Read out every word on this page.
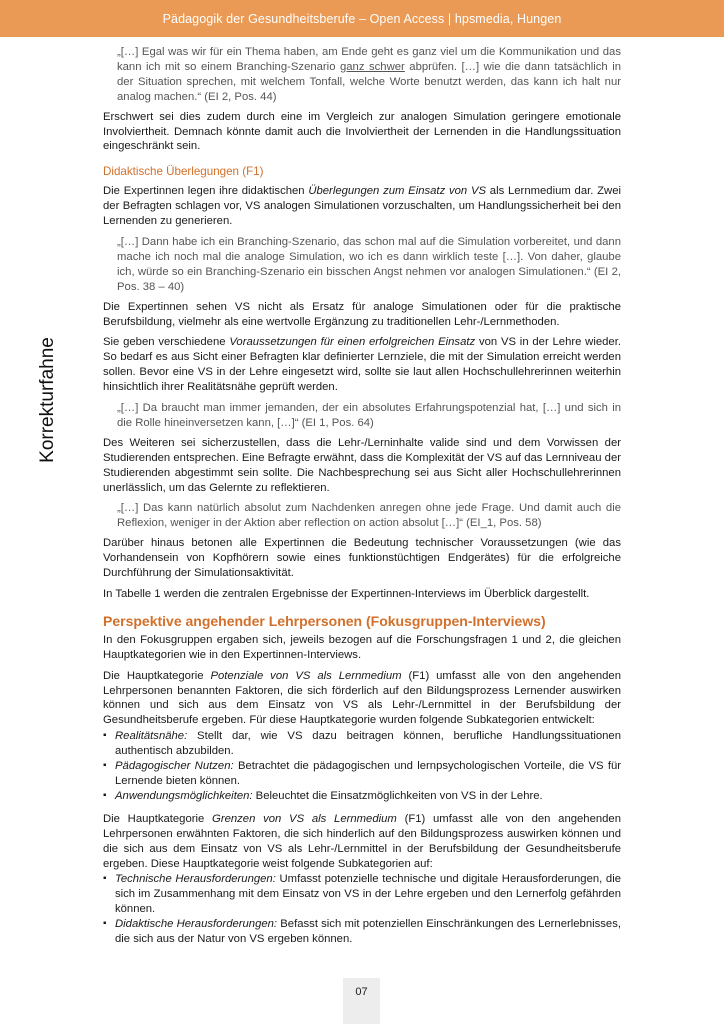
Pädagogik der Gesundheitsberufe – Open Access | hpsmedia, Hungen
Korrekturfahne

„[…] Egal was wir für ein Thema haben, am Ende geht es ganz viel um die Kommunikation und das kann ich mit so einem Branching-Szenario ganz schwer abprüfen. […] wie die dann tatsächlich in der Situation sprechen, mit welchem Tonfall, welche Worte benutzt werden, das kann ich halt nur analog machen.“ (EI 2, Pos. 44)

Erschwert sei dies zudem durch eine im Vergleich zur analogen Simulation geringere emotionale Involviertheit. Demnach könnte damit auch die Involviertheit der Lernenden in die Handlungssituation eingeschränkt sein.

Didaktische Überlegungen (F1)

Die Expertinnen legen ihre didaktischen Überlegungen zum Einsatz von VS als Lernmedium dar. Zwei der Befragten schlagen vor, VS analogen Simulationen vorzuschalten, um Handlungssicherheit bei den Lernenden zu generieren.

„[…] Dann habe ich ein Branching-Szenario, das schon mal auf die Simulation vorbereitet, und dann mache ich noch mal die analoge Simulation, wo ich es dann wirklich teste […]. Von daher, glaube ich, würde so ein Branching-Szenario ein bisschen Angst nehmen vor analogen Simulationen.“ (EI 2, Pos. 38 – 40)

Die Expertinnen sehen VS nicht als Ersatz für analoge Simulationen oder für die praktische Berufsbildung, vielmehr als eine wertvolle Ergänzung zu traditionellen Lehr-/Lernmethoden.

Sie geben verschiedene Voraussetzungen für einen erfolgreichen Einsatz von VS in der Lehre wieder. So bedarf es aus Sicht einer Befragten klar definierter Lernziele, die mit der Simulation erreicht werden sollen. Bevor eine VS in der Lehre eingesetzt wird, sollte sie laut allen Hochschullehrerinnen weiterhin hinsichtlich ihrer Realitätsnähe geprüft werden.

„[…] Da braucht man immer jemanden, der ein absolutes Erfahrungspotenzial hat, […] und sich in die Rolle hineinversetzen kann, […]“ (EI 1, Pos. 64)

Des Weiteren sei sicherzustellen, dass die Lehr-/Lerninhalte valide sind und dem Vorwissen der Studierenden entsprechen. Eine Befragte erwähnt, dass die Komplexität der VS auf das Lernniveau der Studierenden abgestimmt sein sollte. Die Nachbesprechung sei aus Sicht aller Hochschullehrerinnen unerlässlich, um das Gelernte zu reflektieren.

„[…] Das kann natürlich absolut zum Nachdenken anregen ohne jede Frage. Und damit auch die Reflexion, weniger in der Aktion aber reflection on action absolut […]“ (EI_1, Pos. 58)

Darüber hinaus betonen alle Expertinnen die Bedeutung technischer Voraussetzungen (wie das Vorhandensein von Kopfhörern sowie eines funktionstüchtigen Endgerätes) für die erfolgreiche Durchführung der Simulationsaktivität.

In Tabelle 1 werden die zentralen Ergebnisse der Expertinnen-Interviews im Überblick dargestellt.

Perspektive angehender Lehrpersonen (Fokusgruppen-Interviews)

In den Fokusgruppen ergaben sich, jeweils bezogen auf die Forschungsfragen 1 und 2, die gleichen Hauptkategorien wie in den Expertinnen-Interviews.

Die Hauptkategorie Potenziale von VS als Lernmedium (F1) umfasst alle von den angehenden Lehrpersonen benannten Faktoren, die sich förderlich auf den Bildungsprozess Lernender auswirken können und sich aus dem Einsatz von VS als Lehr-/Lernmittel in der Berufsbildung der Gesundheitsberufe ergeben. Für diese Hauptkategorie wurden folgende Subkategorien entwickelt:

▪ Realitätsnähe: Stellt dar, wie VS dazu beitragen können, berufliche Handlungssituationen authentisch abzubilden.
▪ Pädagogischer Nutzen: Betrachtet die pädagogischen und lernpsychologischen Vorteile, die VS für Lernende bieten können.
▪ Anwendungsmöglichkeiten: Beleuchtet die Einsatzmöglichkeiten von VS in der Lehre.

Die Hauptkategorie Grenzen von VS als Lernmedium (F1) umfasst alle von den angehenden Lehrpersonen erwähnten Faktoren, die sich hinderlich auf den Bildungsprozess auswirken können und die sich aus dem Einsatz von VS als Lehr-/Lernmittel in der Berufsbildung der Gesundheitsberufe ergeben. Diese Hauptkategorie weist folgende Subkategorien auf:

▪ Technische Herausforderungen: Umfasst potenzielle technische und digitale Herausforderungen, die sich im Zusammenhang mit dem Einsatz von VS in der Lehre ergeben und den Lernerfolg gefährden können.
▪ Didaktische Herausforderungen: Befasst sich mit potenziellen Einschränkungen des Lernerlebnisses, die sich aus der Natur von VS ergeben können.
07
